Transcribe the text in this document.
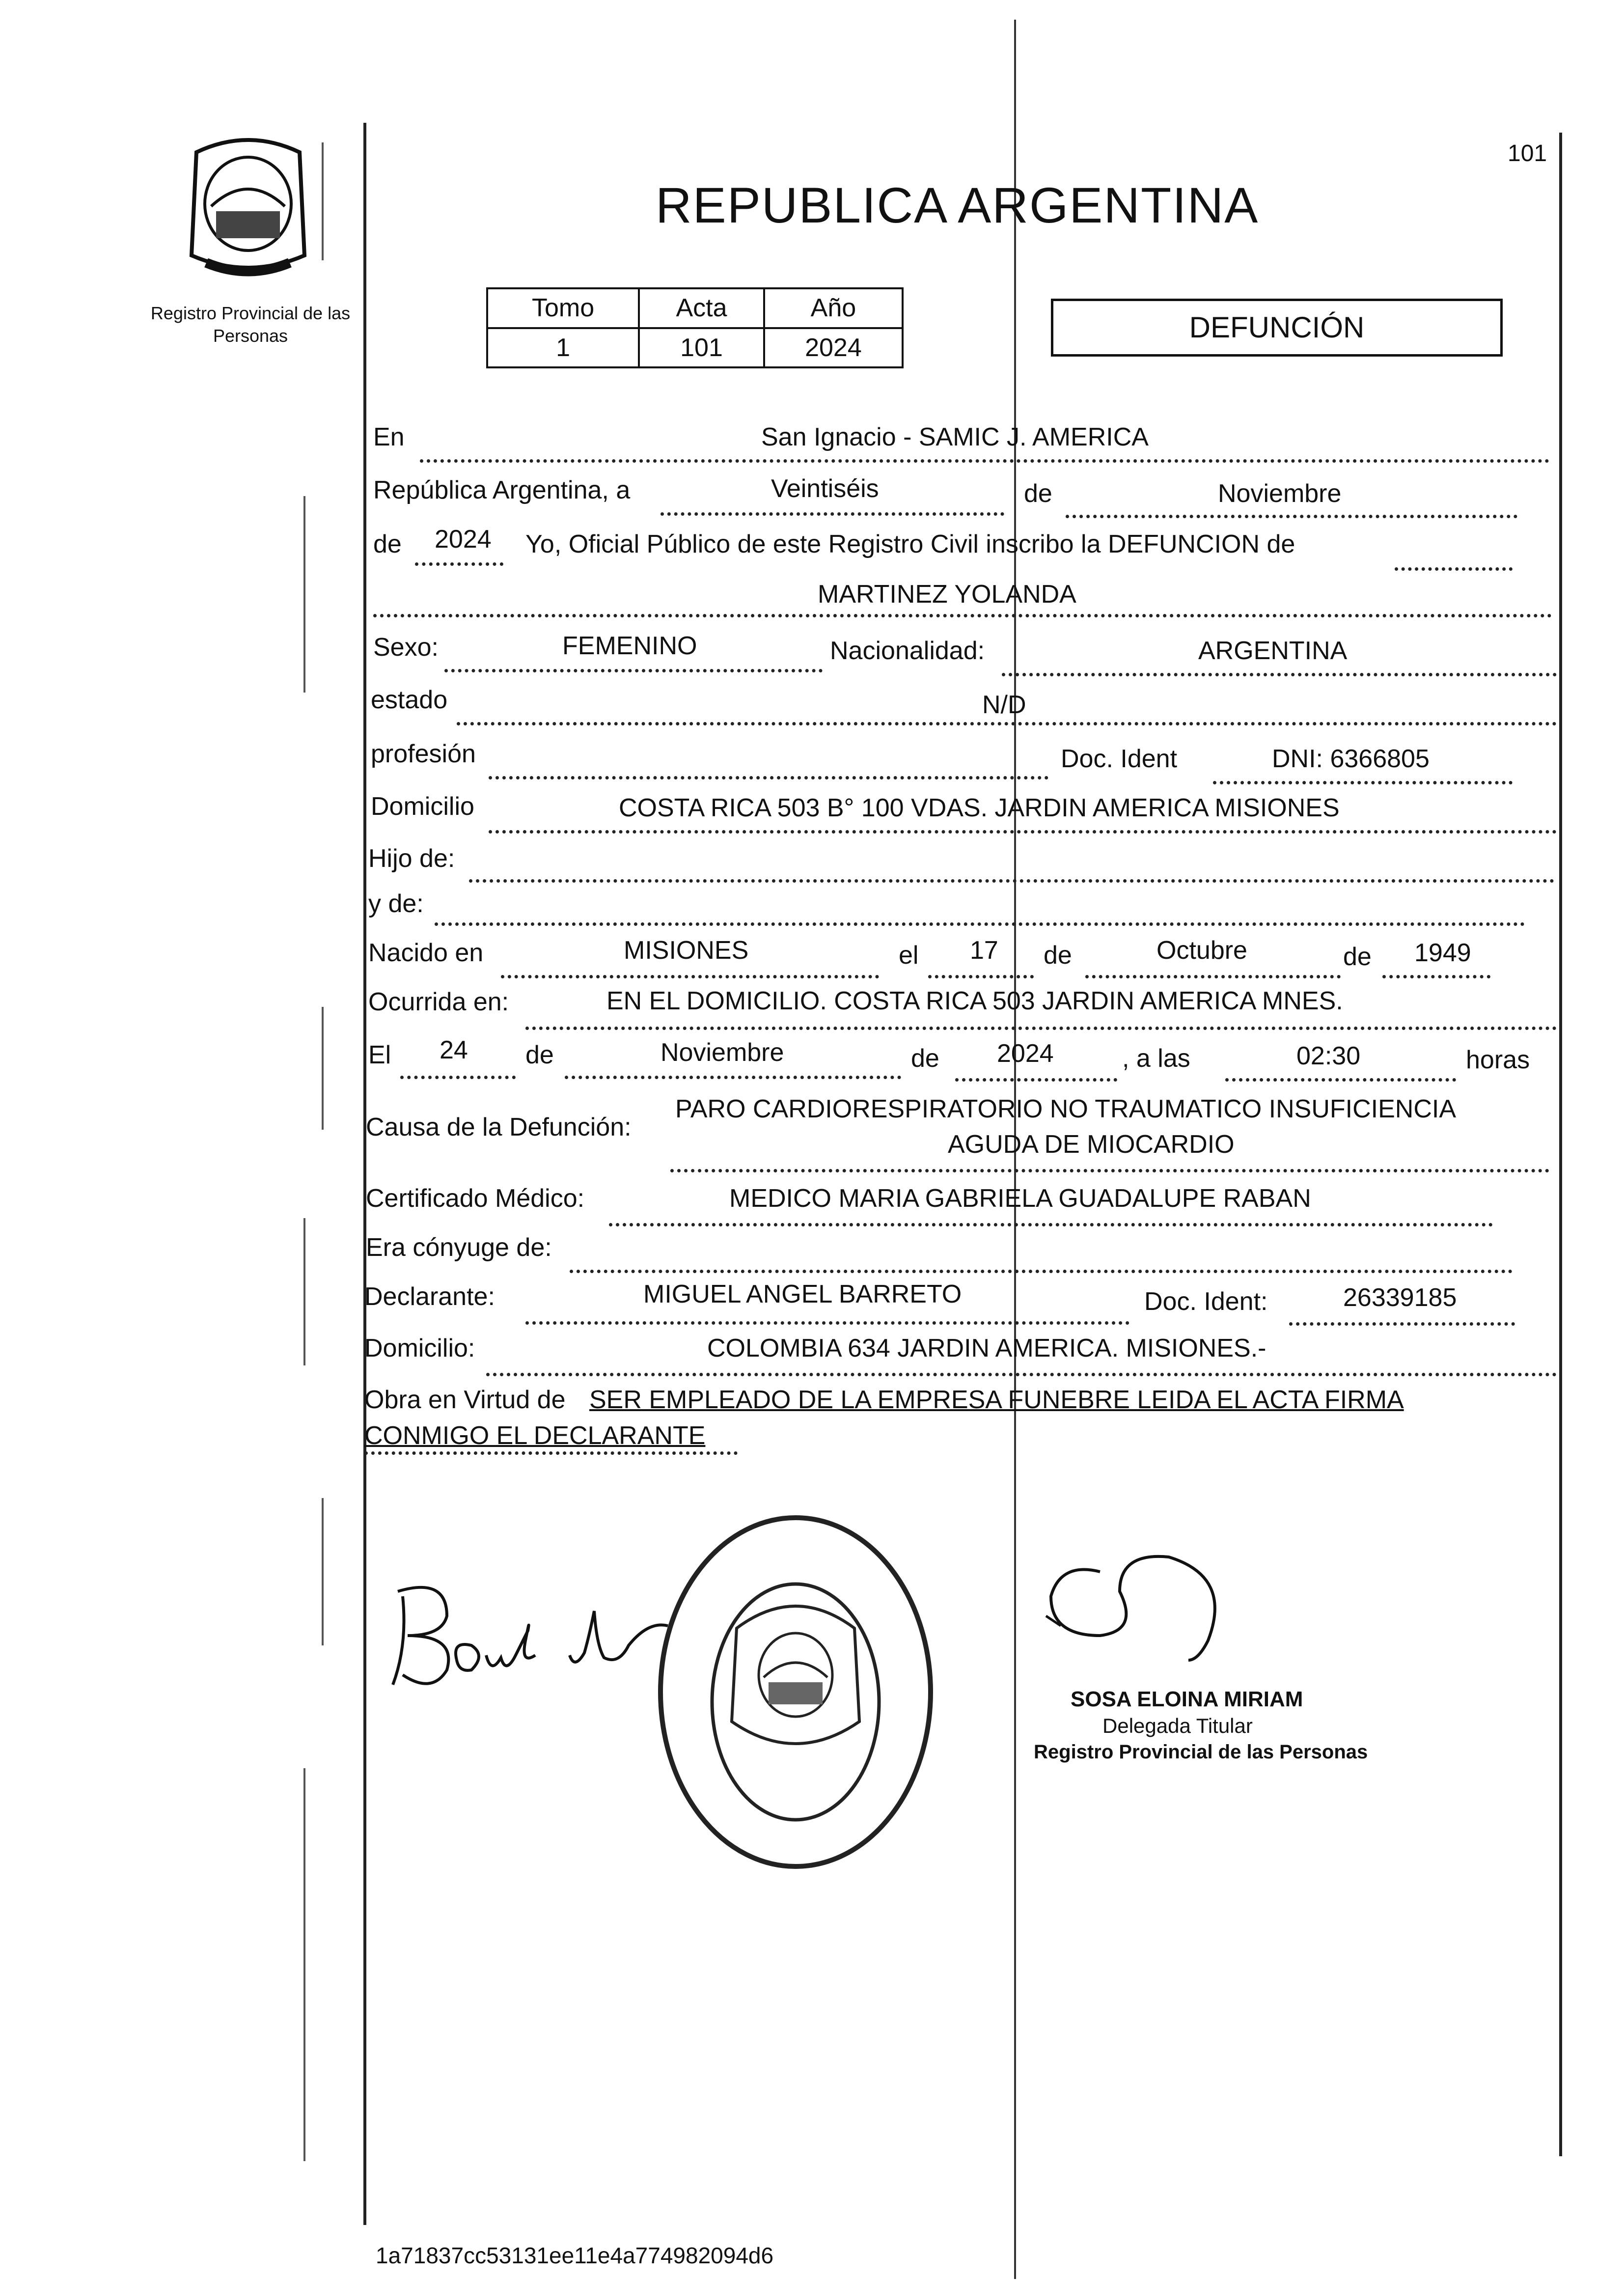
101
Registro Provincial de las Personas
REPUBLICA ARGENTINA
Tomo	Acta	Año
1	101	2024
DEFUNCIÓN
En	San Ignacio - SAMIC J. AMERICA
República Argentina, a	Veintiséis	de	Noviembre
de 2024 Yo, Oficial Público de este Registro Civil inscribo la DEFUNCION de
MARTINEZ YOLANDA
Sexo:	FEMENINO	Nacionalidad:	ARGENTINA
estado	N/D
profesión	Doc. Ident	DNI: 6366805
Domicilio	COSTA RICA 503 B° 100 VDAS. JARDIN AMERICA MISIONES
Hijo de:
y de:
Nacido en	MISIONES	el 17 de	Octubre	de 1949
Ocurrida en:	EN EL DOMICILIO. COSTA RICA 503 JARDIN AMERICA MNES.
El 24 de	Noviembre	de 2024	, a las	02:30	horas
Causa de la Defunción:
PARO CARDIORESPIRATORIO NO TRAUMATICO INSUFICIENCIA
AGUDA DE MIOCARDIO
Certificado Médico:	MEDICO MARIA GABRIELA GUADALUPE RABAN
Era cónyuge de:
Declarante:	MIGUEL ANGEL BARRETO	Doc. Ident:	26339185
Domicilio:	COLOMBIA 634 JARDIN AMERICA. MISIONES.-
Obra en Virtud de SER EMPLEADO DE LA EMPRESA FUNEBRE LEIDA EL ACTA FIRMA
CONMIGO EL DECLARANTE
SOSA ELOINA MIRIAM
Delegada Titular
Registro Provincial de las Personas
1a71837cc53131ee11e4a774982094d6
